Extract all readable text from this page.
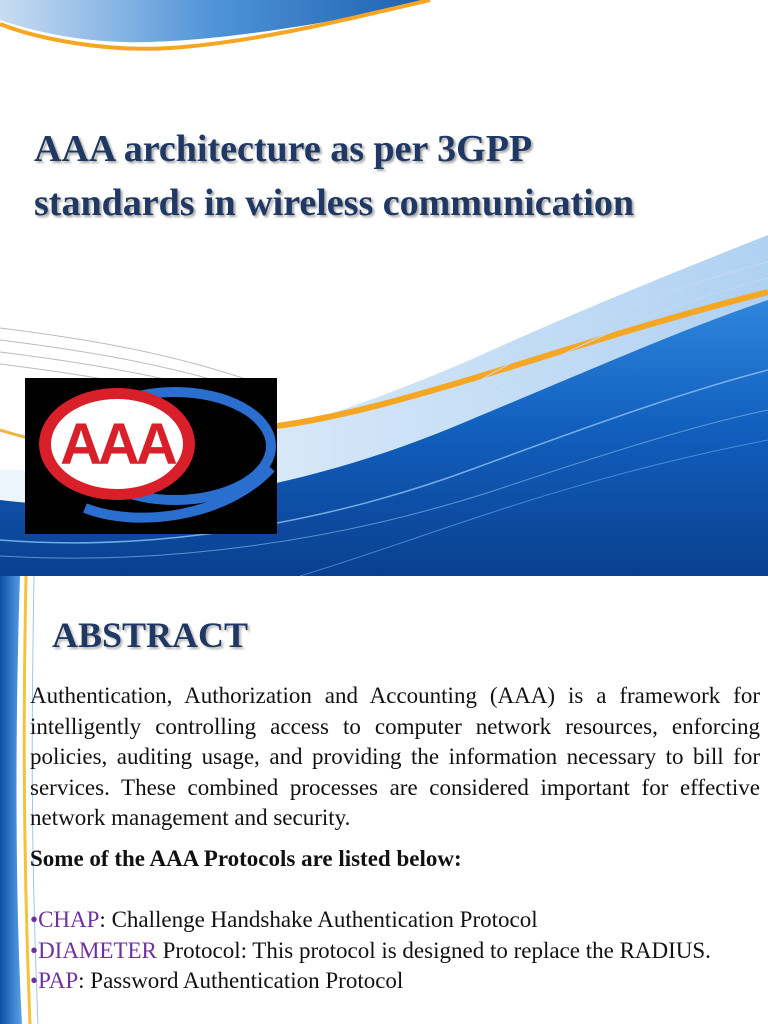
AAA architecture as per 3GPP
standards in wireless communication
AAA
ABSTRACT

Authentication, Authorization and Accounting (AAA) is a framework for intelligently controlling access to computer network resources, enforcing policies, auditing usage, and providing the information necessary to bill for services. These combined processes are considered important for effective network management and security.

Some of the AAA Protocols are listed below:

•CHAP: Challenge Handshake Authentication Protocol
•DIAMETER Protocol: This protocol is designed to replace the RADIUS.
•PAP: Password Authentication Protocol
